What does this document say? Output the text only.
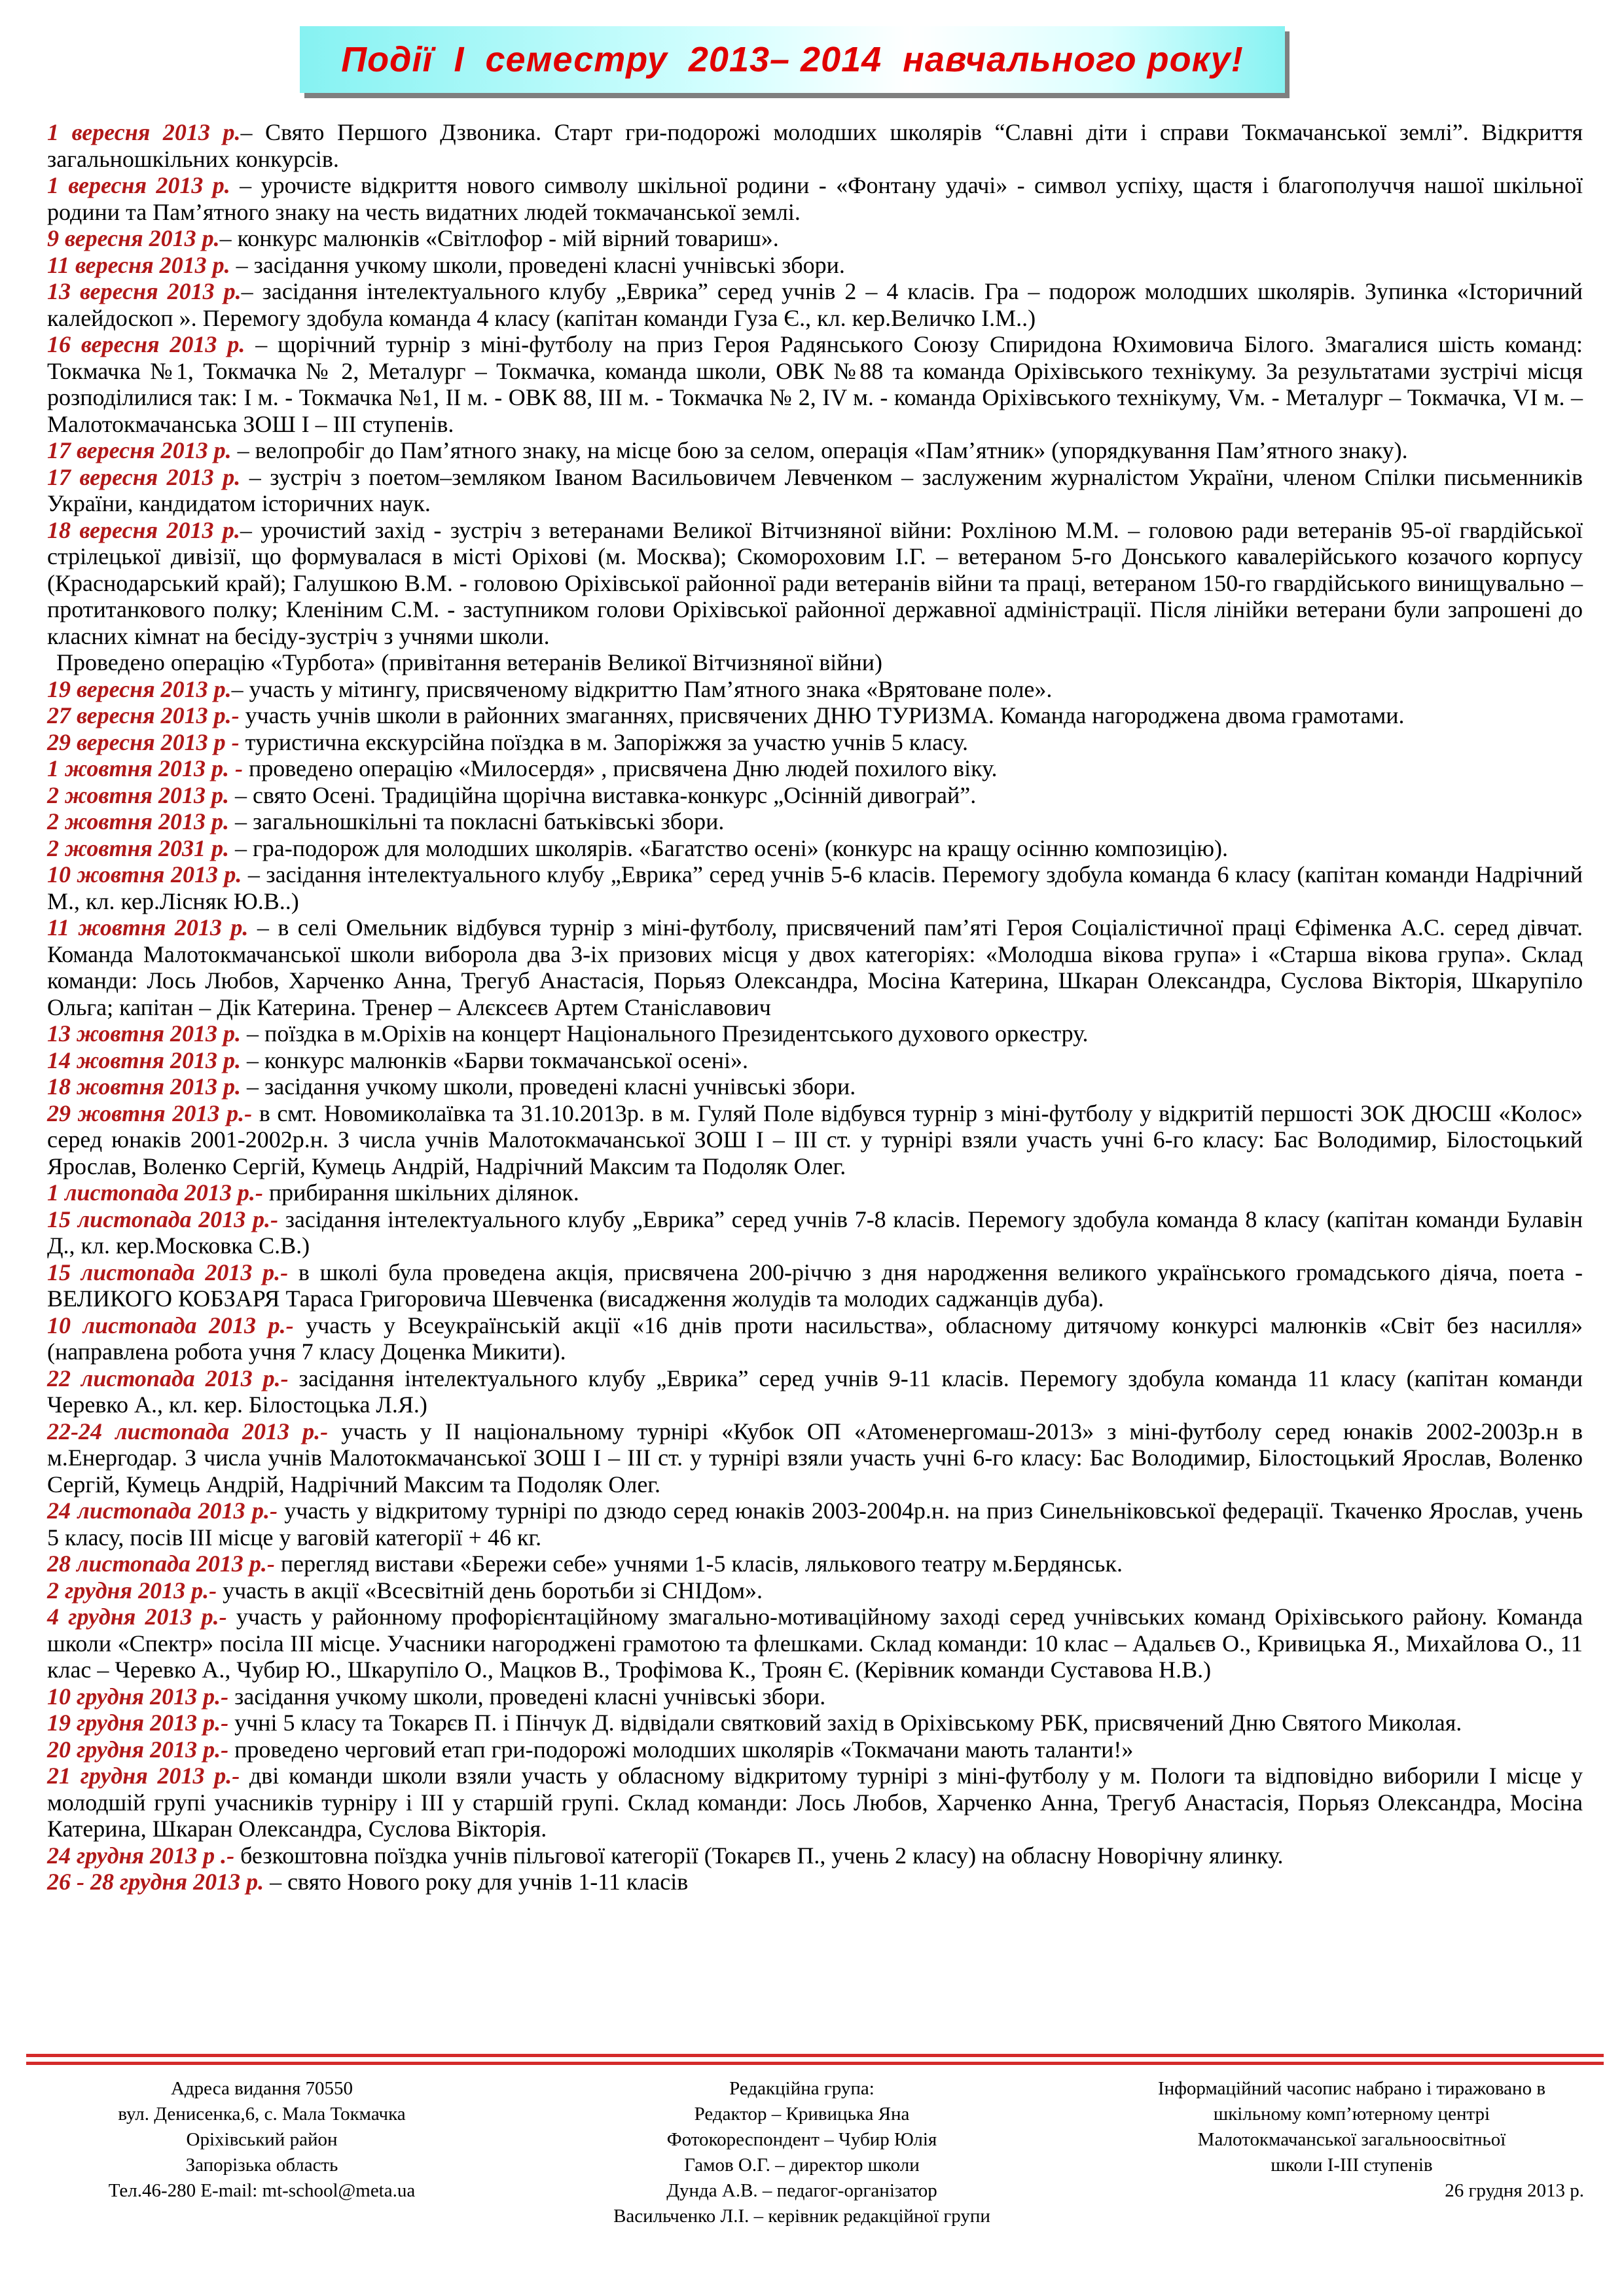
Події  І  семестру  2013– 2014  навчального року!

1 вересня 2013 р.– Свято Першого Дзвоника. Старт гри-подорожі молодших школярів “Славні діти і справи Токмачанської землі”. Відкриття загальношкільних конкурсів.

1 вересня 2013 р. – урочисте відкриття нового символу шкільної родини - «Фонтану удачі» - символ успіху, щастя і благополуччя нашої шкільної родини та Пам’ятного знаку на честь видатних людей токмачанської землі.

9 вересня 2013 р.– конкурс малюнків «Світлофор - мій вірний товариш».

11 вересня 2013 р. – засідання учкому школи, проведені класні учнівські збори.

13 вересня 2013 р.– засідання інтелектуального клубу „Еврика” серед учнів 2 – 4 класів. Гра – подорож молодших школярів. Зупинка «Історичний калейдоскоп ». Перемогу здобула команда 4 класу (капітан команди Гуза Є., кл. кер.Величко І.М..)

16 вересня 2013 р. – щорічний турнір з міні-футболу на приз Героя Радянського Союзу Спиридона Юхимовича Білого. Змагалися шість команд: Токмачка №1, Токмачка № 2, Металург – Токмачка, команда школи, ОВК №88 та команда Оріхівського технікуму. За результатами зустрічі місця розподілилися так: І м. - Токмачка №1, ІІ м. - ОВК 88, ІІІ м. - Токмачка № 2, IV м. - команда Оріхівського технікуму, Vм. - Металург – Токмачка, VІ м. – Малотокмачанська ЗОШ І – ІІІ ступенів.

17 вересня 2013 р. – велопробіг до Пам’ятного знаку, на місце бою за селом, операція «Пам’ятник» (упорядкування Пам’ятного знаку).

17 вересня 2013 р. – зустріч з поетом–земляком Іваном Васильовичем Левченком – заслуженим журналістом України, членом Спілки письменників України, кандидатом історичних наук.

18 вересня 2013 р.– урочистий захід - зустріч з ветеранами Великої Вітчизняної війни: Рохліною М.М. – головою ради ветеранів 95-ої гвардійської стрілецької дивізії, що формувалася в місті Оріхові (м. Москва); Скомороховим І.Г. – ветераном 5-го Донського кавалерійського козачого корпусу (Краснодарський край); Галушкою В.М. - головою Оріхівської районної ради ветеранів війни та праці, ветераном 150-го гвардійського винищувально – протитанкового полку; Кленіним С.М. - заступником голови Оріхівської районної державної адміністрації. Після лінійки ветерани були запрошені до класних кімнат на бесіду-зустріч з учнями школи.

Проведено операцію «Турбота» (привітання ветеранів Великої Вітчизняної війни)

19 вересня 2013 р.– участь у мітингу, присвяченому відкриттю Пам’ятного знака «Врятоване поле».

27 вересня 2013 р.- участь учнів школи в районних змаганнях, присвячених ДНЮ ТУРИЗМА. Команда нагороджена двома грамотами.

29 вересня 2013 р - туристична екскурсійна поїздка в м. Запоріжжя за участю учнів 5 класу.

1 жовтня 2013 р. - проведено операцію «Милосердя» , присвячена Дню людей похилого віку.

2 жовтня 2013 р. – свято Осені. Традиційна щорічна виставка-конкурс „Осінній дивограй”.

2 жовтня 2013 р. – загальношкільні та покласні батьківські збори.

2 жовтня 2031 р. – гра-подорож для молодших школярів. «Багатство осені» (конкурс на кращу осінню композицію).

10 жовтня 2013 р. – засідання інтелектуального клубу „Еврика” серед учнів 5-6 класів. Перемогу здобула команда 6 класу (капітан команди Надрічний М., кл. кер.Лісняк Ю.В..)

11 жовтня 2013 р. – в селі Омельник відбувся турнір з міні-футболу, присвячений пам’яті Героя Соціалістичної праці Єфіменка А.С. серед дівчат. Команда Малотокмачанської школи виборола два 3-іх призових місця у двох категоріях: «Молодша вікова група» і «Старша вікова група». Склад команди: Лось Любов, Харченко Анна, Трегуб Анастасія, Порьяз Олександра, Мосіна Катерина, Шкаран Олександра, Суслова Вікторія, Шкарупіло Ольга; капітан – Дік Катерина. Тренер – Алєксеєв Артем Станіславович

13 жовтня 2013 р. – поїздка в м.Оріхів на концерт Національного Президентського духового оркестру.

14 жовтня 2013 р. – конкурс малюнків «Барви токмачанської осені».

18 жовтня 2013 р. – засідання учкому школи, проведені класні учнівські збори.

29 жовтня 2013 р.- в смт. Новомиколаївка та 31.10.2013р. в м. Гуляй Поле відбувся турнір з міні-футболу у відкритій першості ЗОК ДЮСШ «Колос» серед юнаків 2001-2002р.н. З числа учнів Малотокмачанської ЗОШ І – ІІІ ст. у турнірі взяли участь учні 6-го класу: Бас Володимир, Білостоцький Ярослав, Воленко Сергій, Кумець Андрій, Надрічний Максим та Подоляк Олег.

1 листопада 2013 р.- прибирання шкільних ділянок.

15 листопада 2013 р.- засідання інтелектуального клубу „Еврика” серед учнів 7-8 класів. Перемогу здобула команда 8 класу (капітан команди Булавін Д., кл. кер.Московка С.В.)

15 листопада 2013 р.- в школі була проведена акція, присвячена 200-річчю з дня народження великого українського громадського діяча, поета - ВЕЛИКОГО КОБЗАРЯ Тараса Григоровича Шевченка (висадження жолудів та молодих саджанців дуба).

10 листопада 2013 р.- участь у Всеукраїнській акції «16 днів проти насильства», обласному дитячому конкурсі малюнків «Світ без насилля» (направлена робота учня 7 класу Доценка Микити).

22 листопада 2013 р.- засідання інтелектуального клубу „Еврика” серед учнів 9-11 класів. Перемогу здобула команда 11 класу (капітан команди Черевко А., кл. кер. Білостоцька Л.Я.)

22-24 листопада 2013 р.- участь у ІІ національному турнірі «Кубок ОП «Атоменергомаш-2013» з міні-футболу серед юнаків 2002-2003р.н в м.Енергодар. З числа учнів Малотокмачанської ЗОШ І – ІІІ ст. у турнірі взяли участь учні 6-го класу: Бас Володимир, Білостоцький Ярослав, Воленко Сергій, Кумець Андрій, Надрічний Максим та Подоляк Олег.

24 листопада 2013 р.- участь у відкритому турнірі по дзюдо серед юнаків 2003-2004р.н. на приз Синельніковської федерації. Ткаченко Ярослав, учень 5 класу, посів ІІІ місце у ваговій категорії + 46 кг.

28 листопада 2013 р.- перегляд вистави «Бережи себе» учнями 1-5 класів, лялькового театру м.Бердянськ.

2 грудня 2013 р.- участь в акції «Всесвітній день боротьби зі СНІДом».

4 грудня 2013 р.- участь у районному профорієнтаційному змагально-мотиваційному заході серед учнівських команд Оріхівського району. Команда школи «Спектр» посіла ІІІ місце. Учасники нагороджені грамотою та флешками. Склад команди: 10 клас – Адальєв О., Кривицька Я., Михайлова О., 11 клас – Черевко А., Чубир Ю., Шкарупіло О., Мацков В., Трофімова К., Троян Є. (Керівник команди Суставова Н.В.)

10 грудня 2013 р.- засідання учкому школи, проведені класні учнівські збори.

19 грудня 2013 р.- учні 5 класу та Токарєв П. і Пінчук Д. відвідали святковий захід в Оріхівському РБК, присвячений Дню Святого Миколая.

20 грудня 2013 р.- проведено черговий етап гри-подорожі молодших школярів «Токмачани мають таланти!»

21 грудня 2013 р.- дві команди школи взяли участь у обласному відкритому турнірі з міні-футболу у м. Пологи та відповідно виборили І місце у молодшій групі учасників турніру і ІІІ у старшій групі. Склад команди: Лось Любов, Харченко Анна, Трегуб Анастасія, Порьяз Олександра, Мосіна Катерина, Шкаран Олександра, Суслова Вікторія.

24 грудня 2013 р .- безкоштовна поїздка учнів пільгової категорії (Токарєв П., учень 2 класу) на обласну Новорічну ялинку.

26 - 28 грудня 2013 р. – свято Нового року для учнів 1-11 класів

Адреса видання 70550
вул. Денисенка,6, с. Мала Токмачка
Оріхівський район
Запорізька область
Тел.46-280 E-mail: mt-school@meta.ua
Редакційна група:
Редактор – Кривицька Яна
Фотокореспондент – Чубир Юлія
Гамов О.Г. – директор школи
Дунда А.В. – педагог-організатор
Васильченко Л.І. – керівник редакційної групи
Інформаційний часопис набрано і тиражовано в
шкільному комп’ютерному центрі
Малотокмачанської загальноосвітньої
школи І-ІІІ ступенів
26 грудня 2013 р.
